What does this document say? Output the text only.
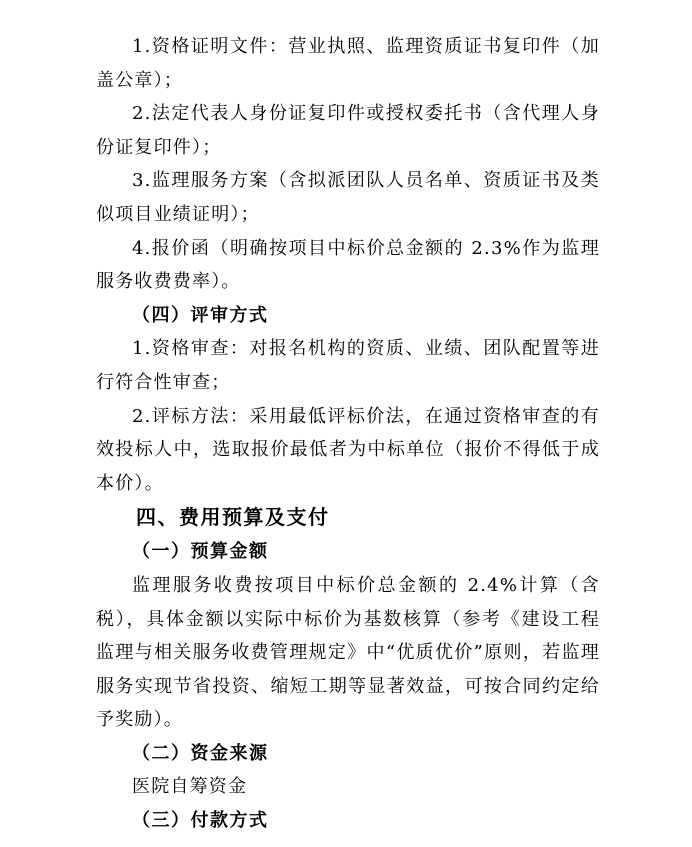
1.资格证明文件：营业执照、监理资质证书复印件（加盖公章）；

2.法定代表人身份证复印件或授权委托书（含代理人身份证复印件）；

3.监理服务方案（含拟派团队人员名单、资质证书及类似项目业绩证明）；

4.报价函（明确按项目中标价总金额的 2.3%作为监理服务收费费率）。

（四）评审方式

1.资格审查：对报名机构的资质、业绩、团队配置等进行符合性审查；

2.评标方法：采用最低评标价法，在通过资格审查的有效投标人中，选取报价最低者为中标单位（报价不得低于成本价）。

四、费用预算及支付

（一）预算金额

监理服务收费按项目中标价总金额的 2.4%计算（含税），具体金额以实际中标价为基数核算（参考《建设工程监理与相关服务收费管理规定》中“优质优价”原则，若监理服务实现节省投资、缩短工期等显著效益，可按合同约定给予奖励）。

（二）资金来源

医院自筹资金

（三）付款方式
